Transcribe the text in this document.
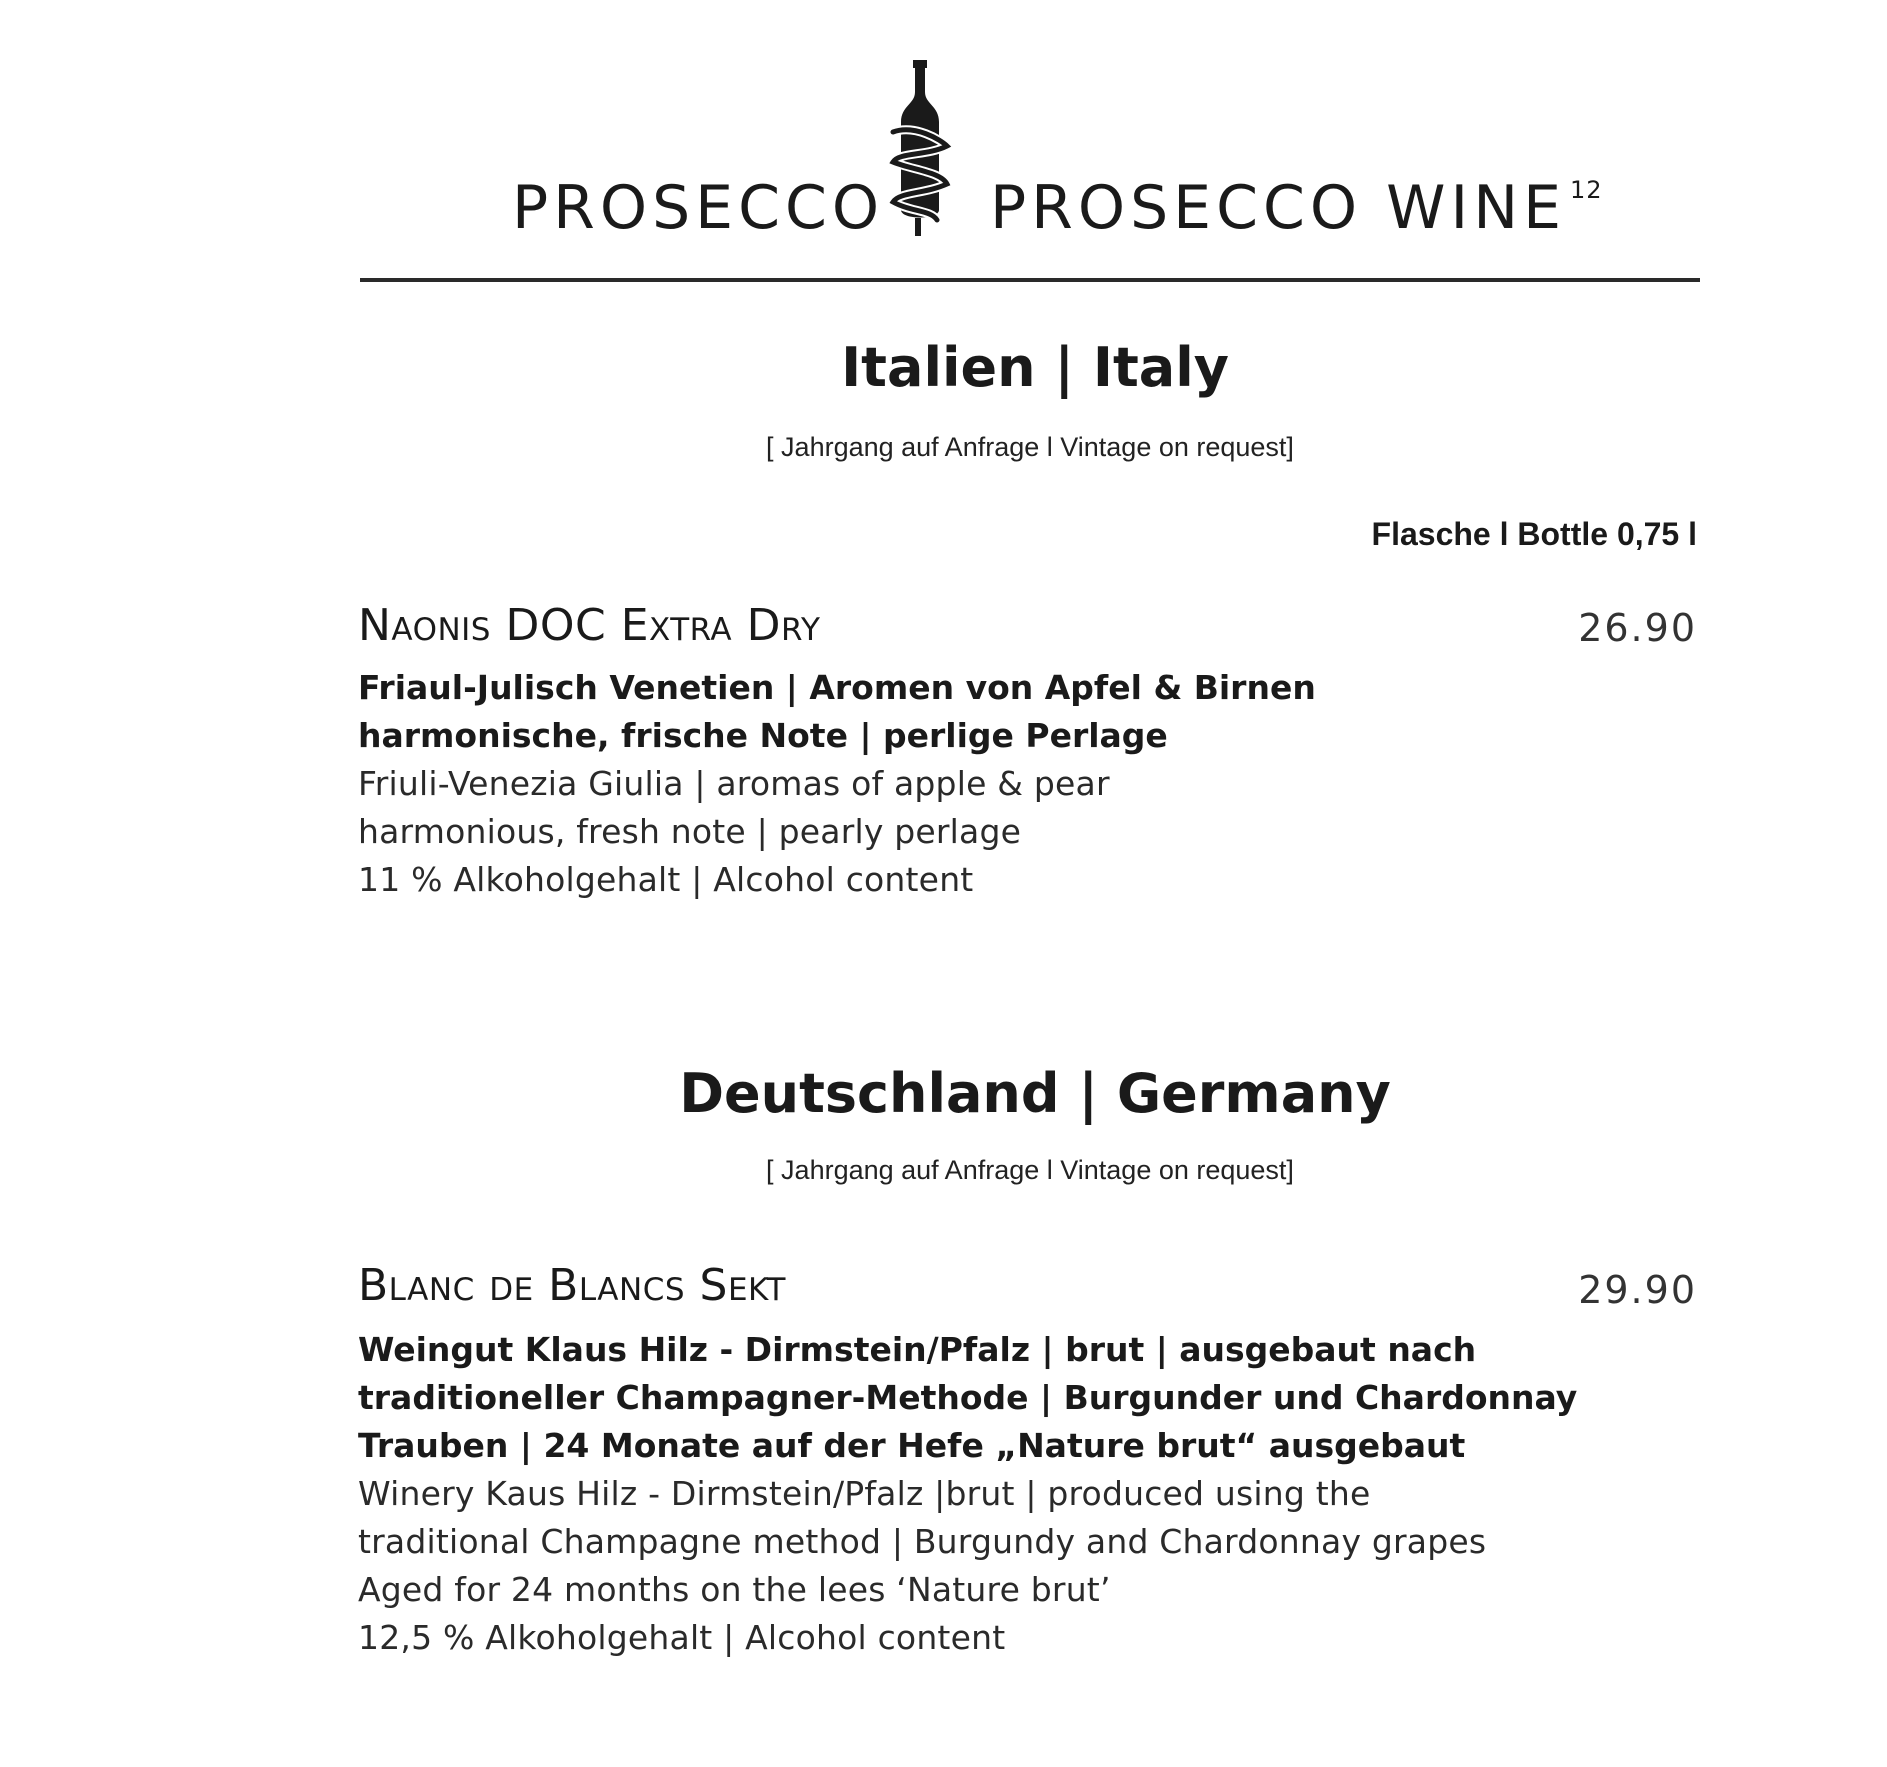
PROSECCO PROSECCO WINE $^{12}$
Italien | Italy
[ Jahrgang auf Anfrage l Vintage on request]
Flasche l Bottle 0,75 l
Naonis DOC Extra Dry	26.90
Friaul-Julisch Venetien | Aromen von Apfel & Birnen
harmonische, frische Note | perlige Perlage
Friuli-Venezia Giulia | aromas of apple & pear
harmonious, fresh note | pearly perlage
11 % Alkoholgehalt | Alcohol content
Deutschland | Germany
[ Jahrgang auf Anfrage l Vintage on request]
Blanc de Blancs Sekt	29.90
Weingut Klaus Hilz - Dirmstein/Pfalz | brut | ausgebaut nach
traditioneller Champagner-Methode | Burgunder und Chardonnay
Trauben | 24 Monate auf der Hefe „Nature brut“ ausgebaut
Winery Kaus Hilz - Dirmstein/Pfalz |brut | produced using the
traditional Champagne method | Burgundy and Chardonnay grapes
Aged for 24 months on the lees ‘Nature brut’
12,5 % Alkoholgehalt | Alcohol content
